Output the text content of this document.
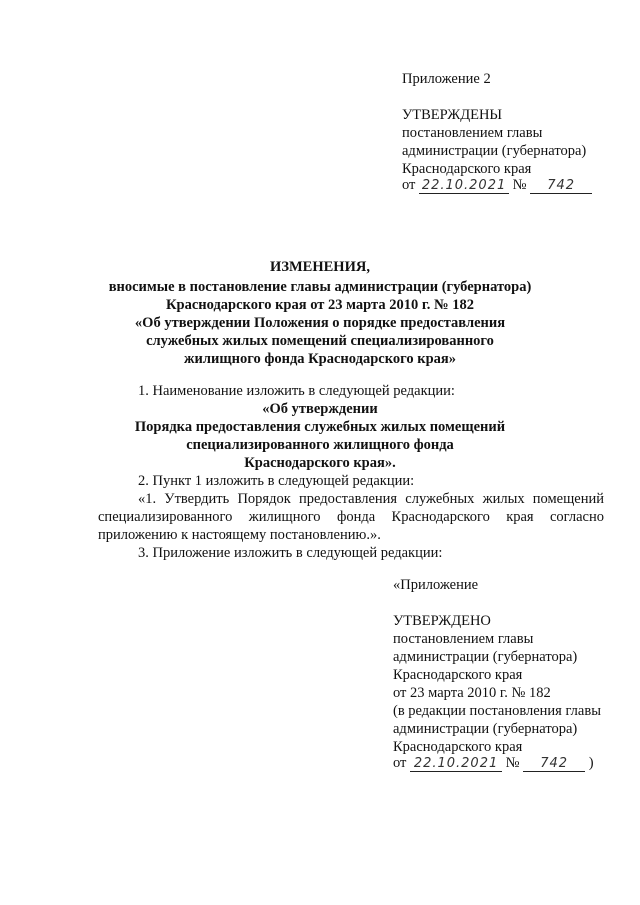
Приложение 2
УТВЕРЖДЕНЫ
постановлением главы
администрации (губернатора)
Краснодарского края
от 22.10.2021 № 742
ИЗМЕНЕНИЯ,
вносимые в постановление главы администрации (губернатора)
Краснодарского края от 23 марта 2010 г. № 182
«Об утверждении Положения о порядке предоставления
служебных жилых помещений специализированного
жилищного фонда Краснодарского края»
1. Наименование изложить в следующей редакции:
«Об утверждении
Порядка предоставления служебных жилых помещений
специализированного жилищного фонда
Краснодарского края».
2. Пункт 1 изложить в следующей редакции:
«1. Утвердить Порядок предоставления служебных жилых помещений
специализированного жилищного фонда Краснодарского края согласно
приложению к настоящему постановлению.».
3. Приложение изложить в следующей редакции:
«Приложение
УТВЕРЖДЕНО
постановлением главы
администрации (губернатора)
Краснодарского края
от 23 марта 2010 г. № 182
(в редакции постановления главы
администрации (губернатора)
Краснодарского края
от 22.10.2021 № 742 )
